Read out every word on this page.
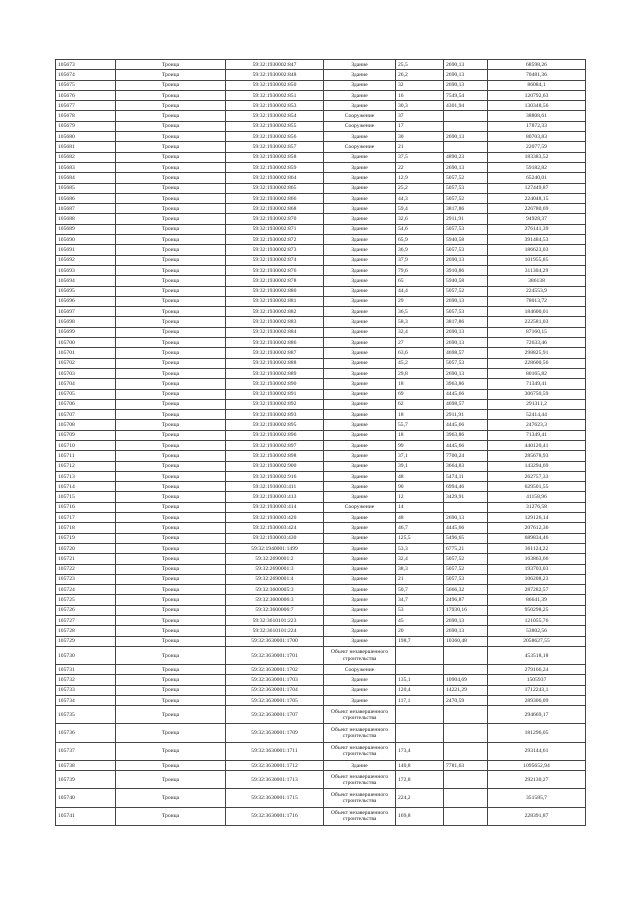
105673	Троица	59:32:1930002:847	Здание	25,5	2690,13	68598,26
105674	Троица	59:32:1930002:848	Здание	26,2	2690,13	70481,36
105675	Троица	59:32:1930002:850	Здание	32	2690,13	86084,1
105676	Троица	59:32:1930002:851	Здание	16	7549,54	120792,63
105677	Троица	59:32:1930002:853	Здание	30,3	4301,94	130348,56
105678	Троица	59:32:1930002:854	Сооружение	37		38808,61
105679	Троица	59:32:1930002:855	Сооружение	17		17872,33
105680	Троица	59:32:1930002:856	Здание	30	2690,13	80703,83
105681	Троица	59:32:1930002:857	Сооружение	21		22077,59
105682	Троица	59:32:1930002:858	Здание	37,5	4890,23	183383,52
105683	Троица	59:32:1930002:859	Здание	22	2690,13	59182,82
105684	Троица	59:32:1930002:864	Здание	12,9	5057,52	65240,01
105685	Троица	59:32:1930002:865	Здание	25,2	5057,53	127449,87
105686	Троица	59:32:1930002:866	Здание	44,3	5057,52	224048,15
105687	Троица	59:32:1930002:868	Здание	59,4	3817,86	226780,69
105688	Троица	59:32:1930002:870	Здание	32,6	2911,91	94928,37
105689	Троица	59:32:1930002:871	Здание	54,6	5057,53	276141,39
105690	Троица	59:32:1930002:872	Здание	65,9	5940,58	391484,53
105691	Троица	59:32:1930002:873	Здание	36,9	5057,53	186623,03
105692	Троица	59:32:1930002:874	Здание	37,9	2690,13	101955,85
105693	Троица	59:32:1930002:876	Здание	79,6	3910,86	311304,29
105694	Троица	59:32:1930002:878	Здание	65	5940,58	386138
105695	Троица	59:32:1930002:880	Здание	44,4	5057,52	224553,9
105696	Троица	59:32:1930002:881	Здание	29	2690,13	78013,72
105697	Троица	59:32:1930002:882	Здание	36,5	5057,53	184600,01
105698	Троица	59:32:1930002:883	Здание	58,3	3817,86	222581,03
105699	Троица	59:32:1930002:884	Здание	32,4	2690,13	87160,15
105700	Троица	59:32:1930002:886	Здание	27	2690,13	72633,46
105701	Троица	59:32:1930002:887	Здание	63,6	4698,57	298825,91
105702	Троица	59:32:1930002:888	Здание	45,2	5057,53	228600,56
105703	Троица	59:32:1930002:889	Здание	29,8	2690,13	80165,82
105704	Троица	59:32:1930002:890	Здание	18	3963,86	71349,41
105705	Троица	59:32:1930002:891	Здание	69	4445,66	306750,59
105706	Троица	59:32:1930002:892	Здание	62	4698,57	291311,2
105707	Троица	59:32:1930002:893	Здание	18	2911,91	52414,44
105708	Троица	59:32:1930002:895	Здание	55,7	4445,66	247623,3
105709	Троица	59:32:1930002:896	Здание	18	3963,86	71349,41
105710	Троица	59:32:1930002:897	Здание	99	4445,66	440120,41
105711	Троица	59:32:1930002:898	Здание	37,1	7700,24	285678,93
105712	Троица	59:32:1930002:900	Здание	39,1	3664,83	143294,69
105713	Троица	59:32:1930002:916	Здание	48	5474,11	262757,33
105714	Троица	59:32:1930003:411	Здание	90	6994,46	629501,55
105715	Троица	59:32:1930003:413	Здание	12	3429,91	41158,96
105716	Троица	59:32:1930003:414	Сооружение	14		31276,58
105717	Троица	59:32:1930003:420	Здание	48	2690,13	129126,14
105718	Троица	59:32:1930003:424	Здание	46,7	4445,66	207612,36
105719	Троица	59:32:1930003:430	Здание	125,5	5496,65	689834,46
105720	Троица	59:32:1940001:1499	Здание	53,3	6775,21	361124,22
105721	Троица	59:32:2690001:2	Здание	32,4	5057,52	163863,66
105722	Троица	59:32:2690001:3	Здание	38,3	5057,52	193703,03
105723	Троица	59:32:2690001:4	Здание	21	5057,53	106208,23
105724	Троица	59:32:3600005:3	Здание	50,7	5666,32	287282,57
105725	Троица	59:32:3600006:3	Здание	34,7	2496,87	86641,39
105726	Троица	59:32:3600006:7	Здание	53	17930,16	950298,25
105727	Троица	59:32:3610101:223	Здание	45	2690,13	121055,76
105728	Троица	59:32:3610101:224	Здание	20	2690,13	53802,56
105729	Троица	59:32:3630001:1700	Здание	198,7	10360,48	2058627,55
105730	Троица	59:32:3630001:1701	Объект незавершенного строительства			453518,18
105731	Троица	59:32:3630001:1702	Сооружение			279166,24
105732	Троица	59:32:3630001:1703	Здание	135,1	10904,69	1505937
105733	Троица	59:32:3630001:1704	Здание	120,4	14221,29	1712243,1
105734	Троица	59:32:3630001:1705	Здание	117,1	2470,59	289306,09
105735	Троица	59:32:3630001:1707	Объект незавершенного строительства			294669,17
105736	Троица	59:32:3630001:1709	Объект незавершенного строительства			181296,05
105737	Троица	59:32:3630001:1711	Объект незавершенного строительства	173,4		293144,61
105738	Троица	59:32:3630001:1712	Здание	140,8	7781,63	1095652,94
105739	Троица	59:32:3630001:1713	Объект незавершенного строительства	172,8		292130,27
105740	Троица	59:32:3630001:1715	Объект незавершенного строительства	224,2		351585,7
105741	Троица	59:32:3630001:1716	Объект незавершенного строительства	169,8		228391,87
